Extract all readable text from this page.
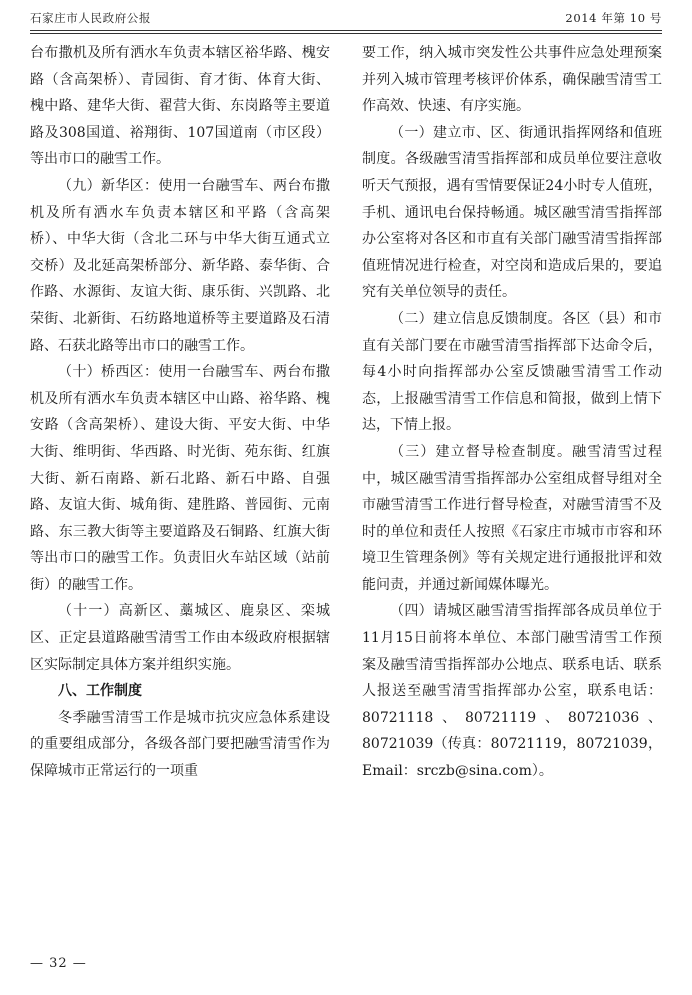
石家庄市人民政府公报	2014 年第 10 号

台布撒机及所有洒水车负责本辖区裕华路、槐安路（含高架桥）、青园街、育才街、体育大街、槐中路、建华大街、翟营大街、东岗路等主要道路及308国道、裕翔街、107国道南（市区段）等出市口的融雪工作。

（九）新华区：使用一台融雪车、两台布撒机及所有洒水车负责本辖区和平路（含高架桥）、中华大街（含北二环与中华大街互通式立交桥）及北延高架桥部分、新华路、泰华街、合作路、水源街、友谊大街、康乐街、兴凯路、北荣街、北新街、石纺路地道桥等主要道路及石清路、石获北路等出市口的融雪工作。

（十）桥西区：使用一台融雪车、两台布撒机及所有洒水车负责本辖区中山路、裕华路、槐安路（含高架桥）、建设大街、平安大街、中华大街、维明街、华西路、时光街、苑东街、红旗大街、新石南路、新石北路、新石中路、自强路、友谊大街、城角街、建胜路、普园街、元南路、东三教大街等主要道路及石铜路、红旗大街等出市口的融雪工作。负责旧火车站区域（站前街）的融雪工作。

（十一）高新区、藁城区、鹿泉区、栾城区、正定县道路融雪清雪工作由本级政府根据辖区实际制定具体方案并组织实施。

八、工作制度

冬季融雪清雪工作是城市抗灾应急体系建设的重要组成部分，各级各部门要把融雪清雪作为保障城市正常运行的一项重

要工作，纳入城市突发性公共事件应急处理预案并列入城市管理考核评价体系，确保融雪清雪工作高效、快速、有序实施。

（一）建立市、区、街通讯指挥网络和值班制度。各级融雪清雪指挥部和成员单位要注意收听天气预报，遇有雪情要保证24小时专人值班，手机、通讯电台保持畅通。城区融雪清雪指挥部办公室将对各区和市直有关部门融雪清雪指挥部值班情况进行检查，对空岗和造成后果的，要追究有关单位领导的责任。

（二）建立信息反馈制度。各区（县）和市直有关部门要在市融雪清雪指挥部下达命令后，每4小时向指挥部办公室反馈融雪清雪工作动态，上报融雪清雪工作信息和简报，做到上情下达，下情上报。

（三）建立督导检查制度。融雪清雪过程中，城区融雪清雪指挥部办公室组成督导组对全市融雪清雪工作进行督导检查，对融雪清雪不及时的单位和责任人按照《石家庄市城市市容和环境卫生管理条例》等有关规定进行通报批评和效能问责，并通过新闻媒体曝光。

（四）请城区融雪清雪指挥部各成员单位于11月15日前将本单位、本部门融雪清雪工作预案及融雪清雪指挥部办公地点、联系电话、联系人报送至融雪清雪指挥部办公室，联系电话：80721118、80721119、80721036、80721039（传真：80721119，80721039，Email：srczb@sina.com）。

— 32 —
